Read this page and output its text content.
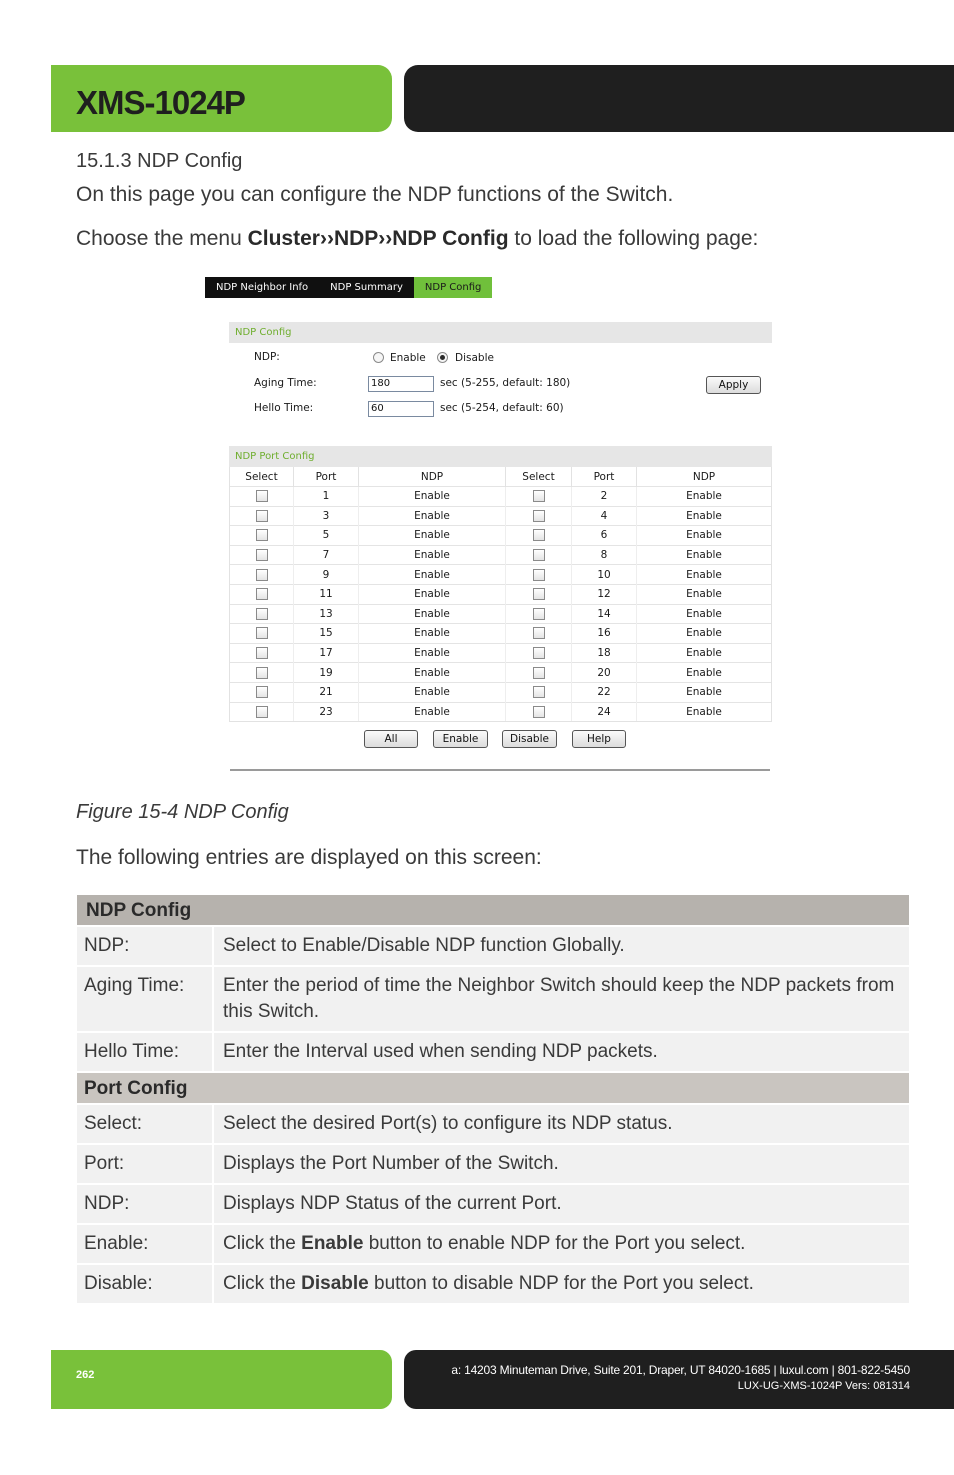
XMS-1024P
15.1.3 NDP Config
On this page you can configure the NDP functions of the Switch.
Choose the menu Cluster››NDP››NDP Config to load the following page:
NDP Neighbor Info	NDP Summary	NDP Config
NDP Config
NDP:	Enable	Disable
Aging Time:	180	sec (5-255, default: 180)	Apply
Hello Time:	60	sec (5-254, default: 60)
NDP Port Config
Select	Port	NDP	Select	Port	NDP
	1	Enable		2	Enable
	3	Enable		4	Enable
	5	Enable		6	Enable
	7	Enable		8	Enable
	9	Enable		10	Enable
	11	Enable		12	Enable
	13	Enable		14	Enable
	15	Enable		16	Enable
	17	Enable		18	Enable
	19	Enable		20	Enable
	21	Enable		22	Enable
	23	Enable		24	Enable
All	Enable	Disable	Help
Figure 15-4 NDP Config
The following entries are displayed on this screen:
NDP Config	
NDP:	Select to Enable/Disable NDP function Globally.
Aging Time:	Enter the period of time the Neighbor Switch should keep the NDP packets from this Switch.
Hello Time:	Enter the Interval used when sending NDP packets.
Port Config	
Select:	Select the desired Port(s) to configure its NDP status.
Port:	Displays the Port Number of the Switch.
NDP:	Displays NDP Status of the current Port.
Enable:	Click the Enable button to enable NDP for the Port you select.
Disable:	Click the Disable button to disable NDP for the Port you select.
262	a: 14203 Minuteman Drive, Suite 201, Draper, UT 84020-1685 | luxul.com | 801-822-5450
LUX-UG-XMS-1024P Vers: 081314
